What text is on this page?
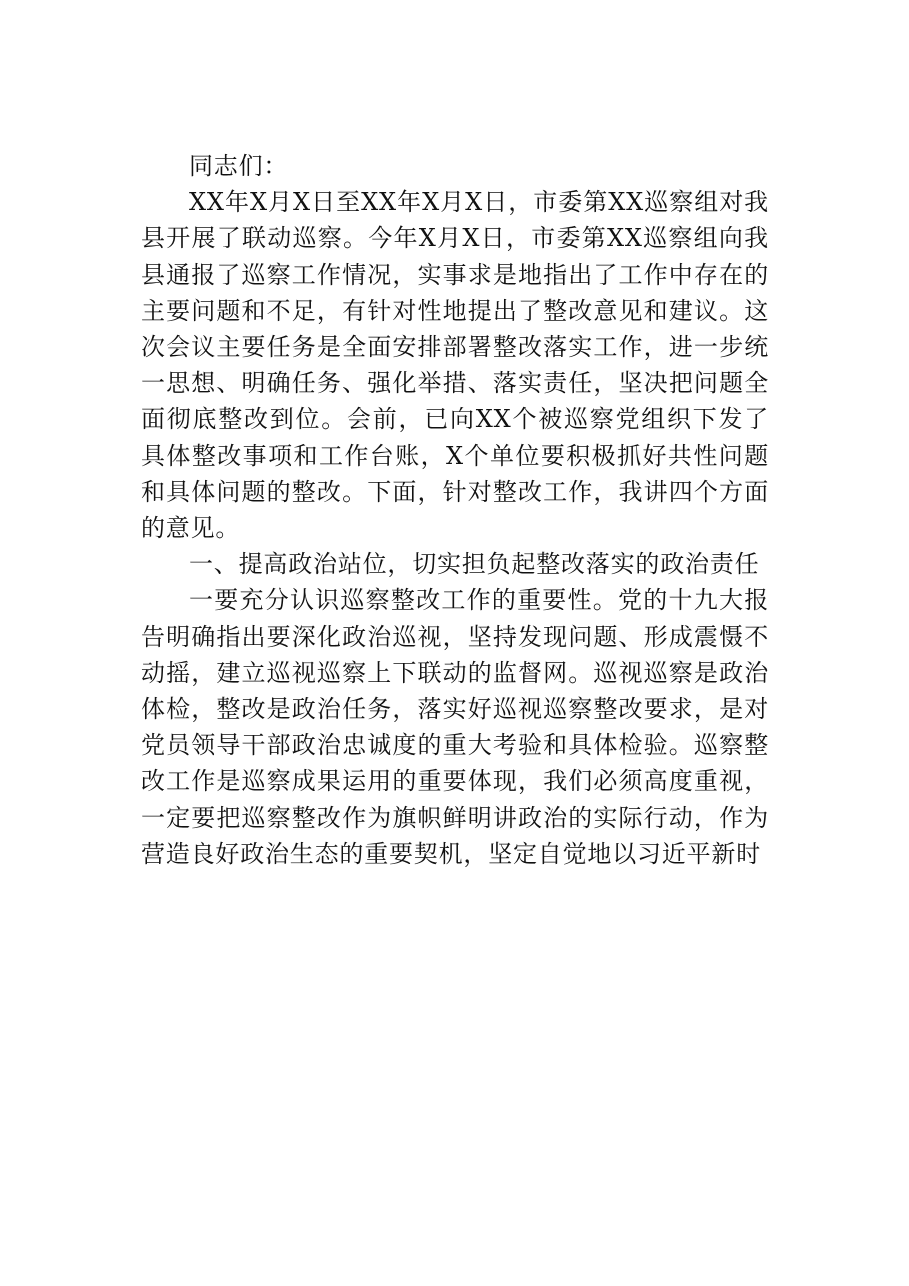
同志们：

XX年X月X日至XX年X月X日，市委第XX巡察组对我县开展了联动巡察。今年X月X日，市委第XX巡察组向我县通报了巡察工作情况，实事求是地指出了工作中存在的主要问题和不足，有针对性地提出了整改意见和建议。这次会议主要任务是全面安排部署整改落实工作，进一步统一思想、明确任务、强化举措、落实责任，坚决把问题全面彻底整改到位。会前，已向XX个被巡察党组织下发了具体整改事项和工作台账，X个单位要积极抓好共性问题和具体问题的整改。下面，针对整改工作，我讲四个方面的意见。

一、提高政治站位，切实担负起整改落实的政治责任

一要充分认识巡察整改工作的重要性。党的十九大报告明确指出要深化政治巡视，坚持发现问题、形成震慑不动摇，建立巡视巡察上下联动的监督网。巡视巡察是政治体检，整改是政治任务，落实好巡视巡察整改要求，是对党员领导干部政治忠诚度的重大考验和具体检验。巡察整改工作是巡察成果运用的重要体现，我们必须高度重视，一定要把巡察整改作为旗帜鲜明讲政治的实际行动，作为营造良好政治生态的重要契机，坚定自觉地以习近平新时
